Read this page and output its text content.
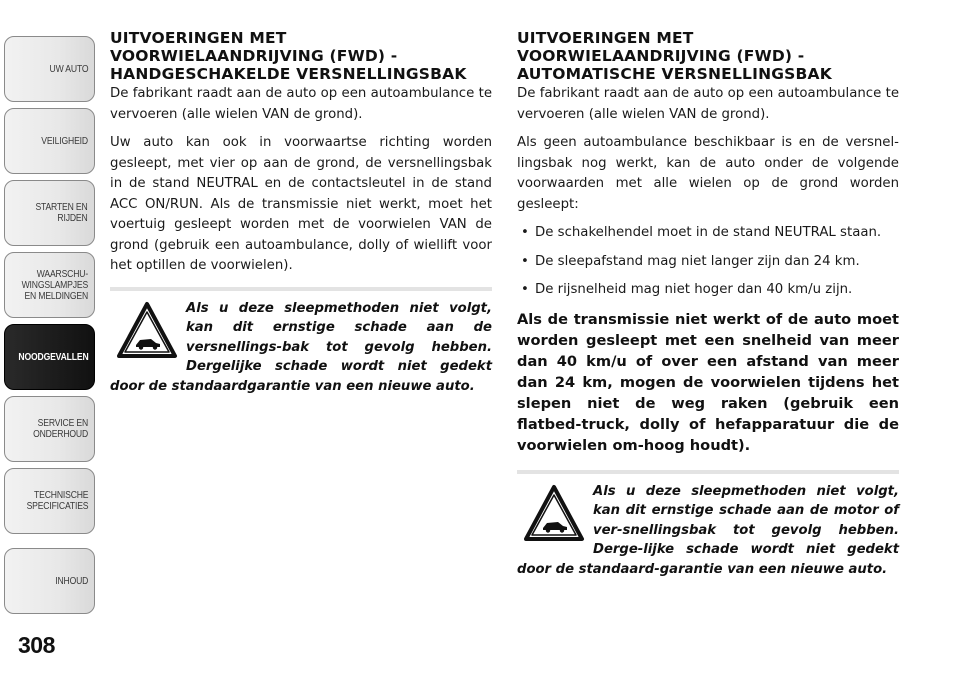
UW AUTO
VEILIGHEID
STARTEN EN
RIJDEN
WAARSCHU-
WINGSLAMPJES
EN MELDINGEN
NOODGEVALLEN
SERVICE EN
ONDERHOUD
TECHNISCHE
SPECIFICATIES
INHOUD
308
UITVOERINGEN MET VOORWIELAANDRIJVING (FWD) - HANDGESCHAKELDE VERSNELLINGSBAK

De fabrikant raadt aan de auto op een autoambulance te vervoeren (alle wielen VAN de grond).

Uw auto kan ook in voorwaartse richting worden gesleept, met vier op aan de grond, de versnellingsbak in de stand NEUTRAL en de contactsleutel in de stand ACC ON/RUN. Als de transmissie niet werkt, moet het voertuig gesleept worden met de voorwielen VAN de grond (gebruik een autoambulance, dolly of wiellift voor het optillen de voorwielen).

Als u deze sleepmethoden niet volgt, kan dit ernstige schade aan de versnellings-bak tot gevolg hebben. Dergelijke schade wordt niet gedekt door de standaardgarantie van een nieuwe auto.
UITVOERINGEN MET VOORWIELAANDRIJVING (FWD) - AUTOMATISCHE VERSNELLINGSBAK

De fabrikant raadt aan de auto op een autoambulance te vervoeren (alle wielen VAN de grond).

Als geen autoambulance beschikbaar is en de versnel-lingsbak nog werkt, kan de auto onder de volgende voorwaarden met alle wielen op de grond worden gesleept:

• De schakelhendel moet in de stand NEUTRAL staan.
• De sleepafstand mag niet langer zijn dan 24 km.
• De rijsnelheid mag niet hoger dan 40 km/u zijn.

Als de transmissie niet werkt of de auto moet worden gesleept met een snelheid van meer dan 40 km/u of over een afstand van meer dan 24 km, mogen de voorwielen tijdens het slepen niet de weg raken (gebruik een flatbed-truck, dolly of hefapparatuur die de voorwielen om-hoog houdt).

Als u deze sleepmethoden niet volgt, kan dit ernstige schade aan de motor of ver-snellingsbak tot gevolg hebben. Derge-lijke schade wordt niet gedekt door de standaard-garantie van een nieuwe auto.
